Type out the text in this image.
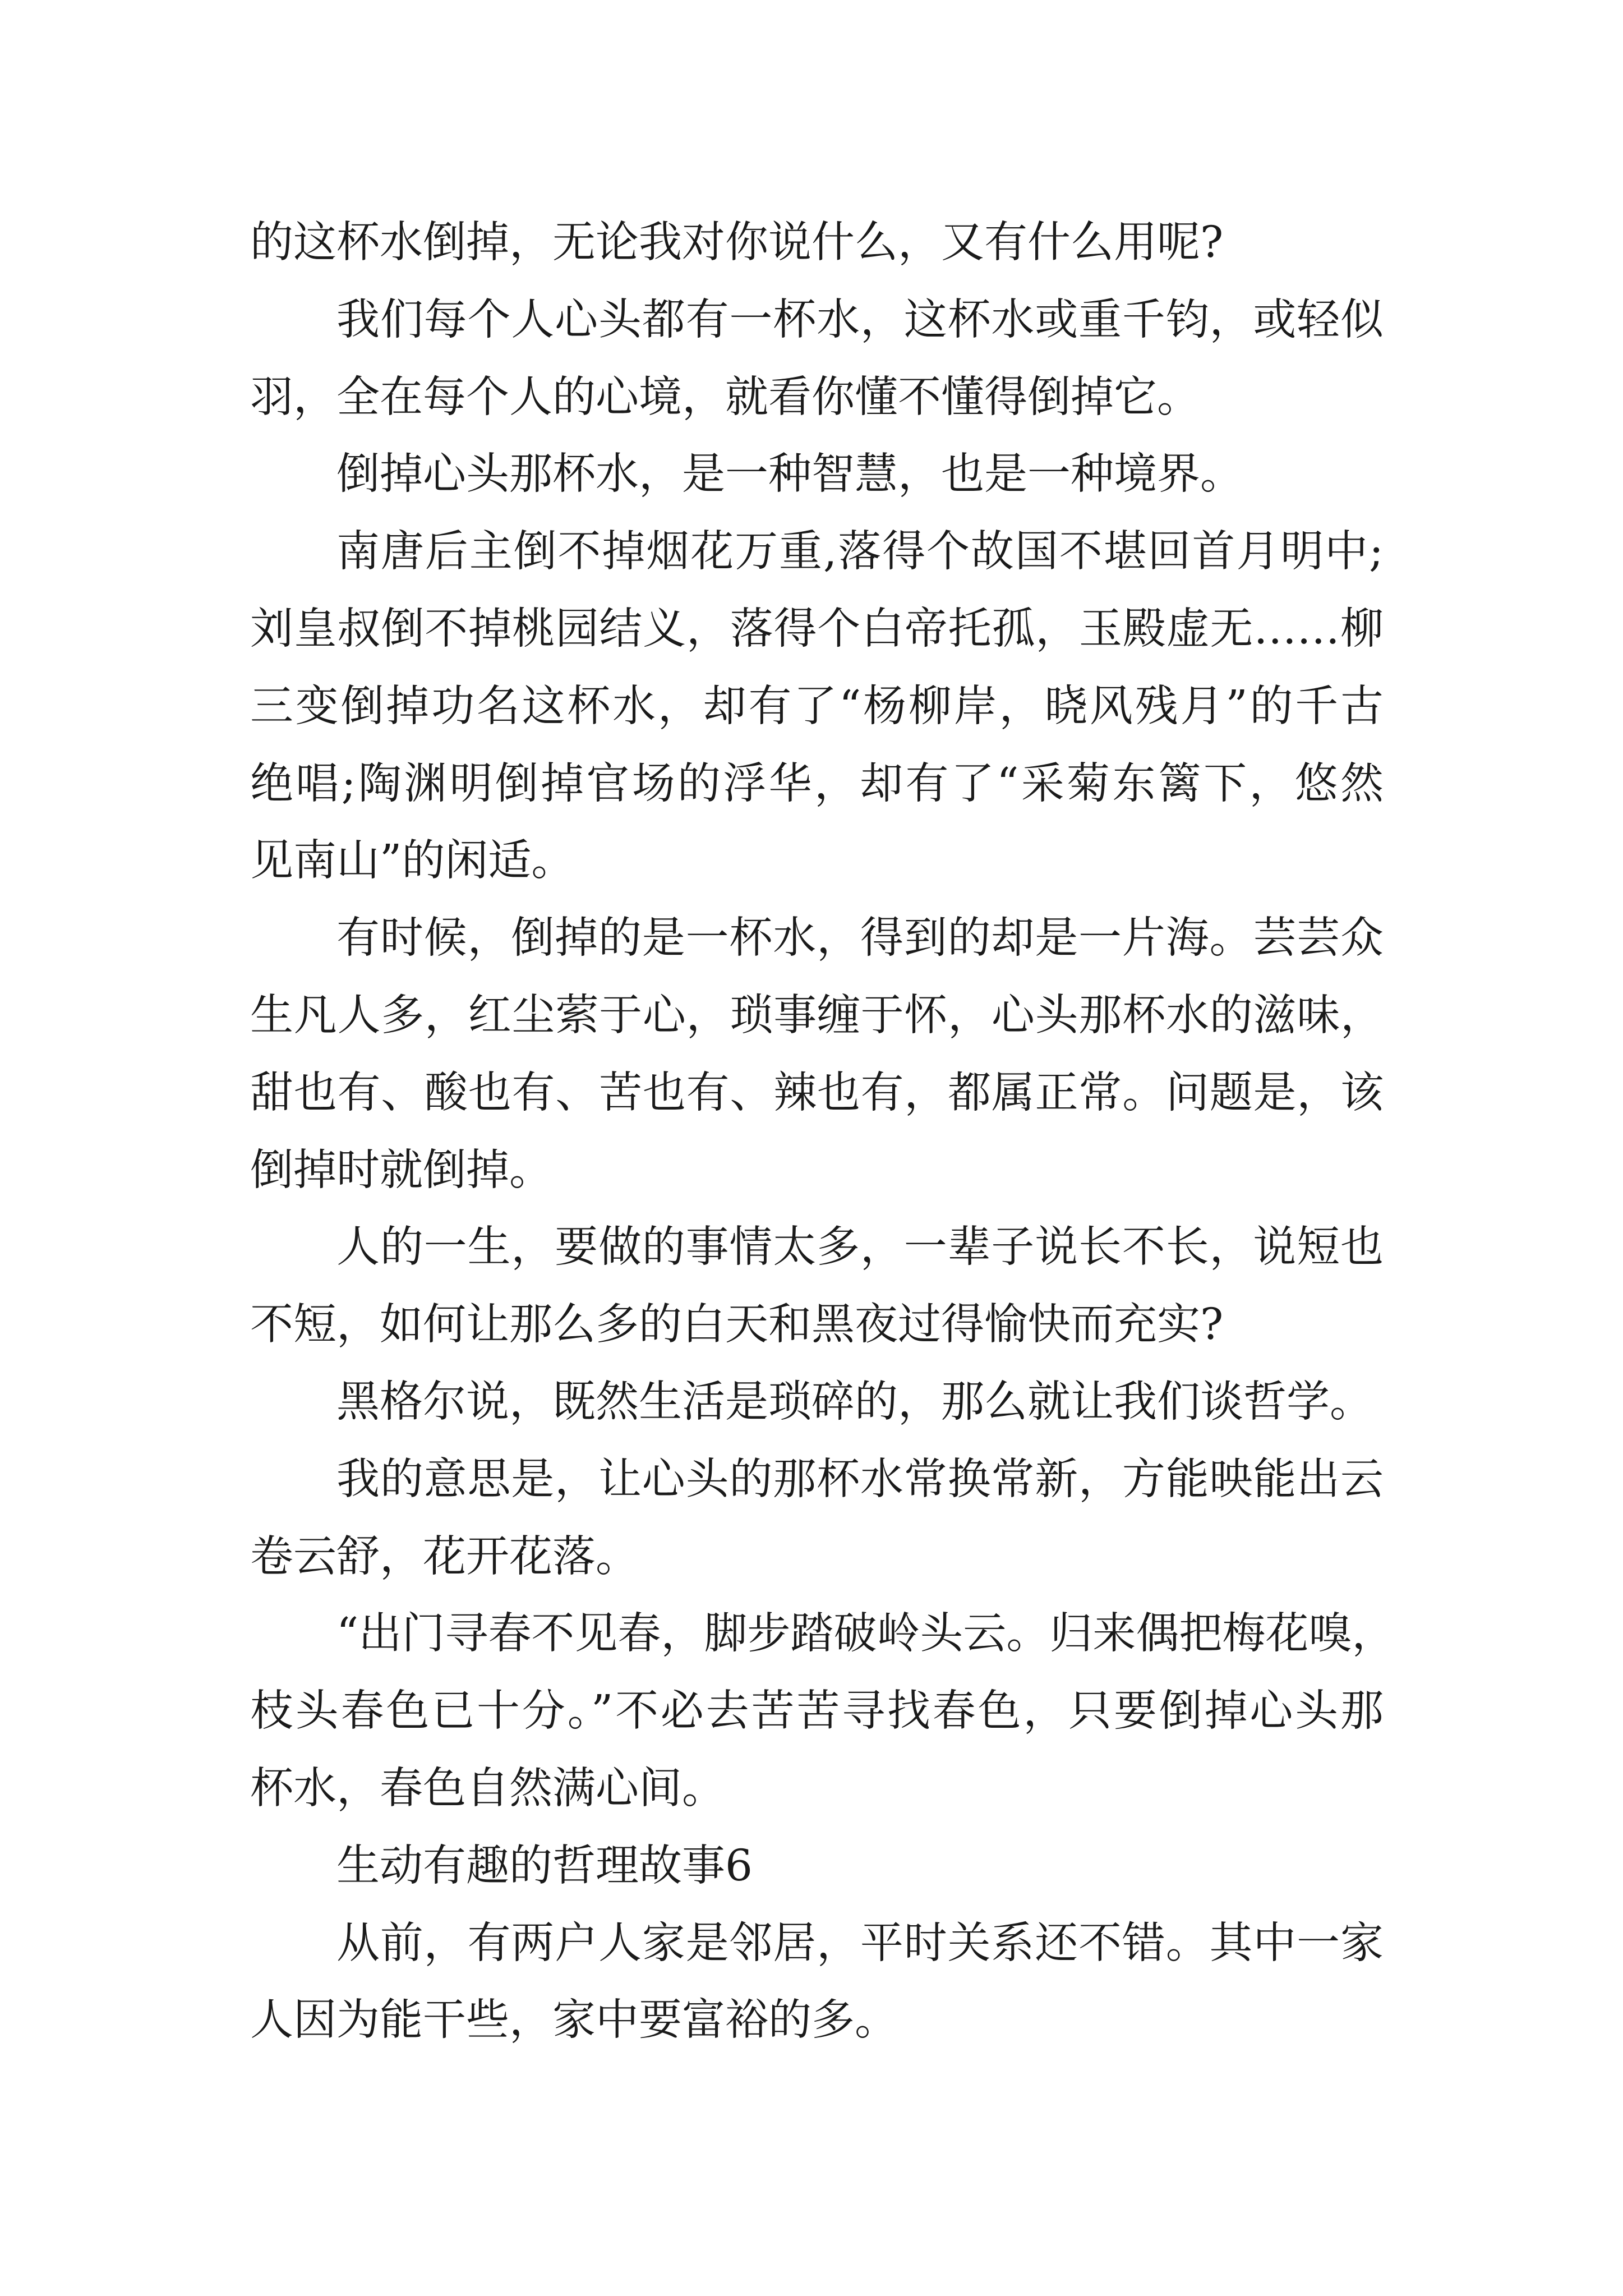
的这杯水倒掉，无论我对你说什么，又有什么用呢?
我们每个人心头都有一杯水，这杯水或重千钧，或轻似
羽，全在每个人的心境，就看你懂不懂得倒掉它。
倒掉心头那杯水，是一种智慧，也是一种境界。
南唐后主倒不掉烟花万重,落得个故国不堪回首月明中;
刘皇叔倒不掉桃园结义，落得个白帝托孤，玉殿虚无……柳
三变倒掉功名这杯水，却有了“杨柳岸，晓风残月”的千古
绝唱;陶渊明倒掉官场的浮华，却有了“采菊东篱下，悠然
见南山”的闲适。
有时候，倒掉的是一杯水，得到的却是一片海。芸芸众
生凡人多，红尘萦于心，琐事缠于怀，心头那杯水的滋味，
甜也有、酸也有、苦也有、辣也有，都属正常。问题是，该
倒掉时就倒掉。
人的一生，要做的事情太多，一辈子说长不长，说短也
不短，如何让那么多的白天和黑夜过得愉快而充实?
黑格尔说，既然生活是琐碎的，那么就让我们谈哲学。
我的意思是，让心头的那杯水常换常新，方能映能出云
卷云舒，花开花落。
“出门寻春不见春，脚步踏破岭头云。归来偶把梅花嗅，
枝头春色已十分。”不必去苦苦寻找春色，只要倒掉心头那
杯水，春色自然满心间。
生动有趣的哲理故事6
从前，有两户人家是邻居，平时关系还不错。其中一家
人因为能干些，家中要富裕的多。
